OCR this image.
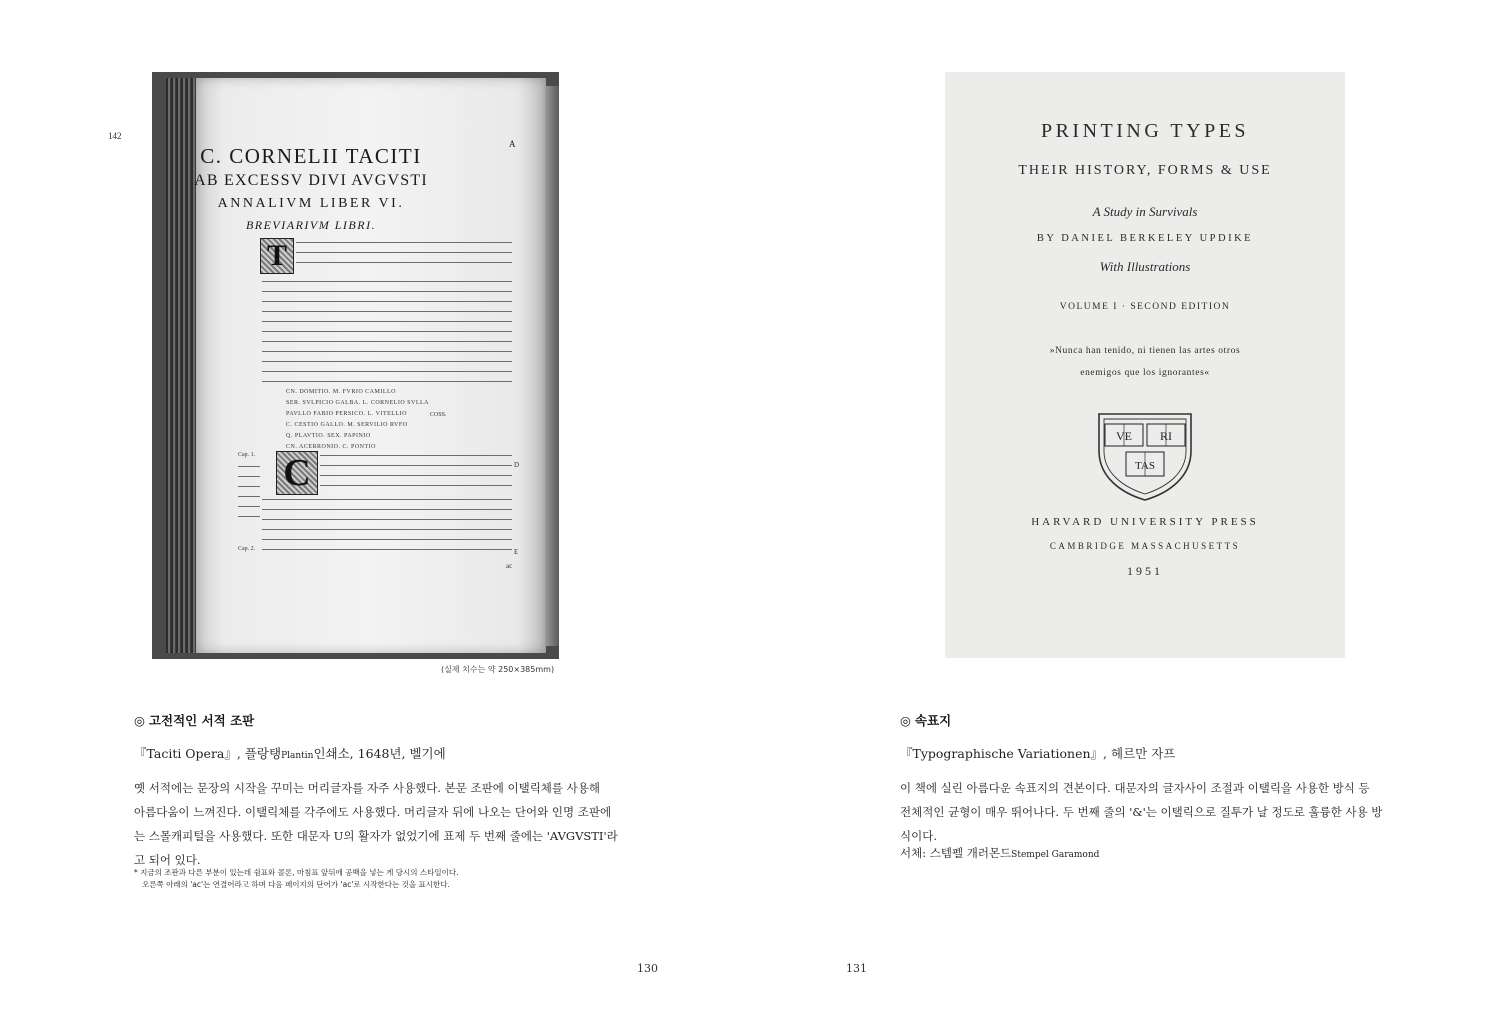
142
C. CORNELII TACITI	A
AB EXCESSV DIVI AVGVSTI
ANNALIVM LIBER VI.
BREVIARIVM LIBRI.
T
CN. DOMITIO. M. FVRIO CAMILLO
SER. SVLPICIO GALBA. L. CORNELIO SVLLA
PAVLLO FABIO PERSICO. L. VITELLIO
C. CESTIO GALLO. M. SERVILIO RVFO
Q. PLAVTIO. SEX. PAPINIO
CN. ACERRONIO. C. PONTIO
COSS.
Cap. 1.
Cap. 2.
C	D
E
ac
(실제 치수는 약 250×385mm)
◎ 고전적인 서적 조판
『Taciti Opera』, 플랑탱Plantin인쇄소, 1648년, 벨기에
옛 서적에는 문장의 시작을 꾸미는 머리글자를 자주 사용했다. 본문 조판에 이탤릭체를 사용해
아름다움이 느껴진다. 이탤릭체를 각주에도 사용했다. 머리글자 뒤에 나오는 단어와 인명 조판에
는 스몰캐피털을 사용했다. 또한 대문자 U의 활자가 없었기에 표제 두 번째 줄에는 'AVGVSTI'라
고 되어 있다.
* 지금의 조판과 다른 부분이 있는데 쉼표와 콜론, 마침표 앞뒤에 공백을 넣는 게 당시의 스타일이다.
오른쪽 아래의 'ac'는 연결어라고 하며 다음 페이지의 단어가 'ac'로 시작한다는 것을 표시한다.
130
PRINTING TYPES
THEIR HISTORY, FORMS & USE
A Study in Survivals
BY DANIEL BERKELEY UPDIKE
With Illustrations
VOLUME I · SECOND EDITION
»Nunca han tenido, ni tienen las artes otros
enemigos que los ignorantes«
VE RI
TAS
HARVARD UNIVERSITY PRESS
CAMBRIDGE MASSACHUSETTS
1951
◎ 속표지
『Typographische Variationen』, 헤르만 자프
이 책에 실린 아름다운 속표지의 견본이다. 대문자의 글자사이 조절과 이탤릭을 사용한 방식 등
전체적인 균형이 매우 뛰어나다. 두 번째 줄의 '&'는 이탤릭으로 질투가 날 정도로 훌륭한 사용 방
식이다.
서체: 스템펠 개러몬드Stempel Garamond
131
